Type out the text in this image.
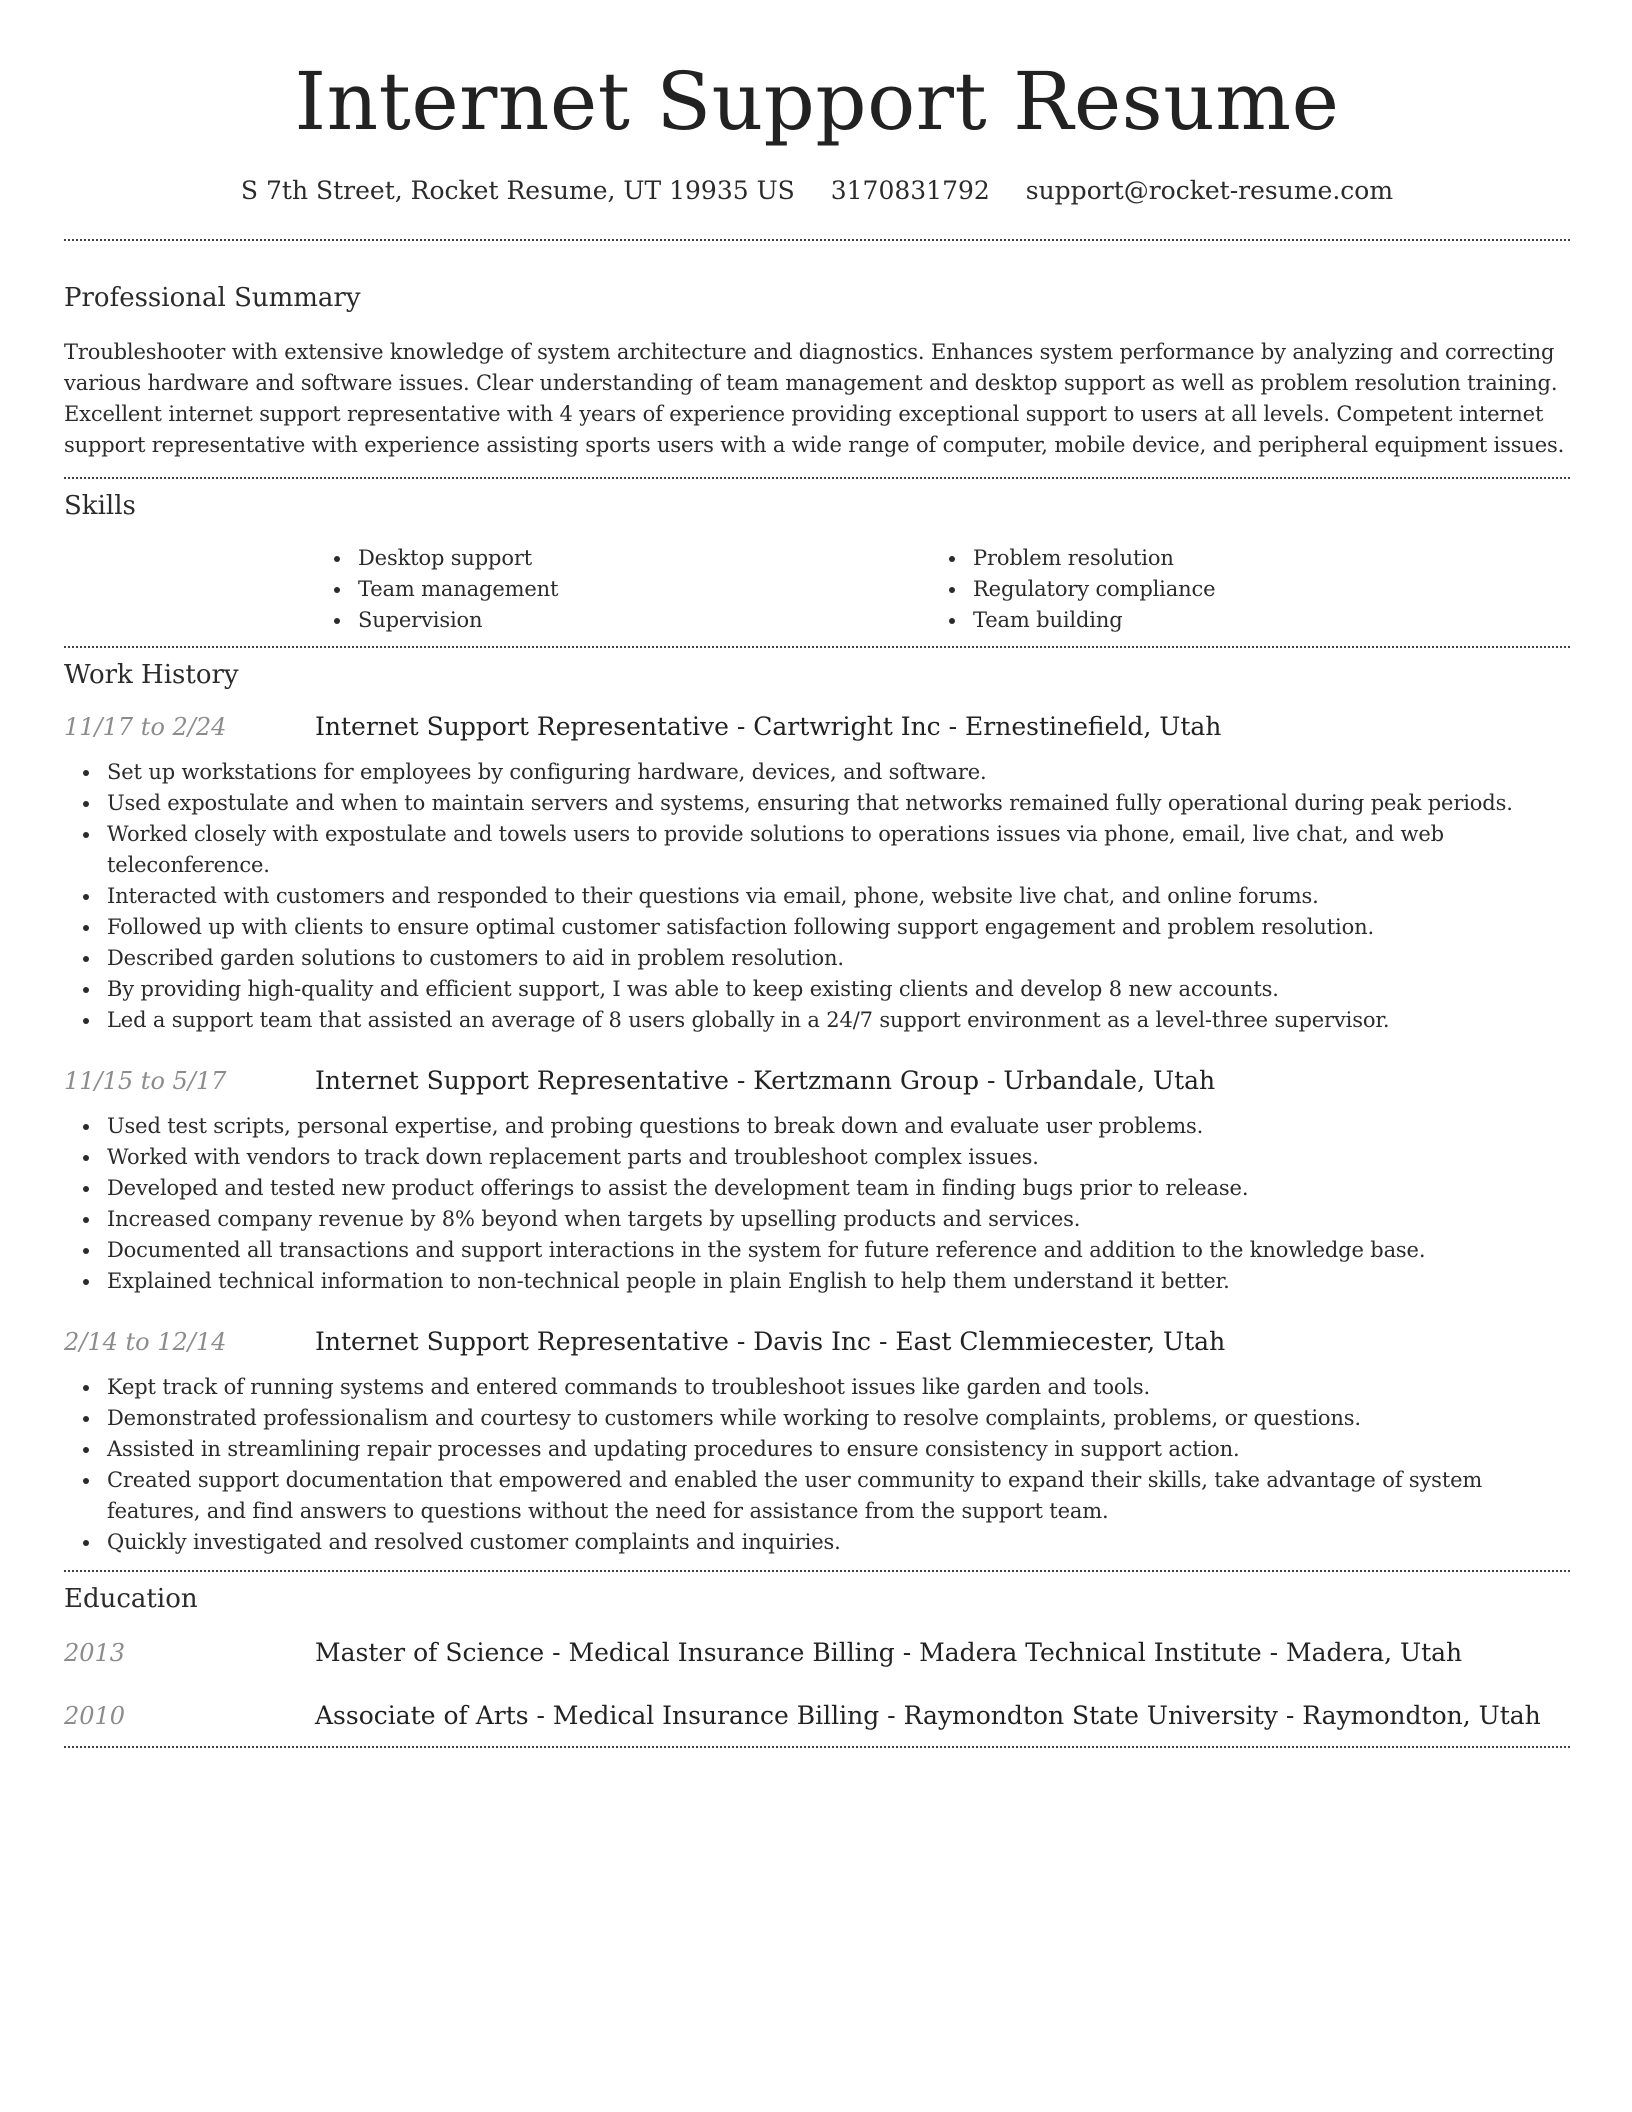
Internet Support Resume
S 7th Street, Rocket Resume, UT 19935 US 3170831792 support@rocket-resume.com
Professional Summary

Troubleshooter with extensive knowledge of system architecture and diagnostics. Enhances system performance by analyzing and correcting various hardware and software issues. Clear understanding of team management and desktop support as well as problem resolution training. Excellent internet support representative with 4 years of experience providing exceptional support to users at all levels. Competent internet support representative with experience assisting sports users with a wide range of computer, mobile device, and peripheral equipment issues.

Skills
Desktop support
Team management
Supervision
Problem resolution
Regulatory compliance
Team building
Work History
11/17 to 2/24	Internet Support Representative - Cartwright Inc - Ernestinefield, Utah
Set up workstations for employees by configuring hardware, devices, and software.
Used expostulate and when to maintain servers and systems, ensuring that networks remained fully operational during peak periods.
Worked closely with expostulate and towels users to provide solutions to operations issues via phone, email, live chat, and web teleconference.
Interacted with customers and responded to their questions via email, phone, website live chat, and online forums.
Followed up with clients to ensure optimal customer satisfaction following support engagement and problem resolution.
Described garden solutions to customers to aid in problem resolution.
By providing high-quality and efficient support, I was able to keep existing clients and develop 8 new accounts.
Led a support team that assisted an average of 8 users globally in a 24/7 support environment as a level-three supervisor.
11/15 to 5/17	Internet Support Representative - Kertzmann Group - Urbandale, Utah
Used test scripts, personal expertise, and probing questions to break down and evaluate user problems.
Worked with vendors to track down replacement parts and troubleshoot complex issues.
Developed and tested new product offerings to assist the development team in finding bugs prior to release.
Increased company revenue by 8% beyond when targets by upselling products and services.
Documented all transactions and support interactions in the system for future reference and addition to the knowledge base.
Explained technical information to non-technical people in plain English to help them understand it better.
2/14 to 12/14	Internet Support Representative - Davis Inc - East Clemmiecester, Utah
Kept track of running systems and entered commands to troubleshoot issues like garden and tools.
Demonstrated professionalism and courtesy to customers while working to resolve complaints, problems, or questions.
Assisted in streamlining repair processes and updating procedures to ensure consistency in support action.
Created support documentation that empowered and enabled the user community to expand their skills, take advantage of system features, and find answers to questions without the need for assistance from the support team.
Quickly investigated and resolved customer complaints and inquiries.
Education
2013	Master of Science - Medical Insurance Billing - Madera Technical Institute - Madera, Utah
2010	Associate of Arts - Medical Insurance Billing - Raymondton State University - Raymondton, Utah
